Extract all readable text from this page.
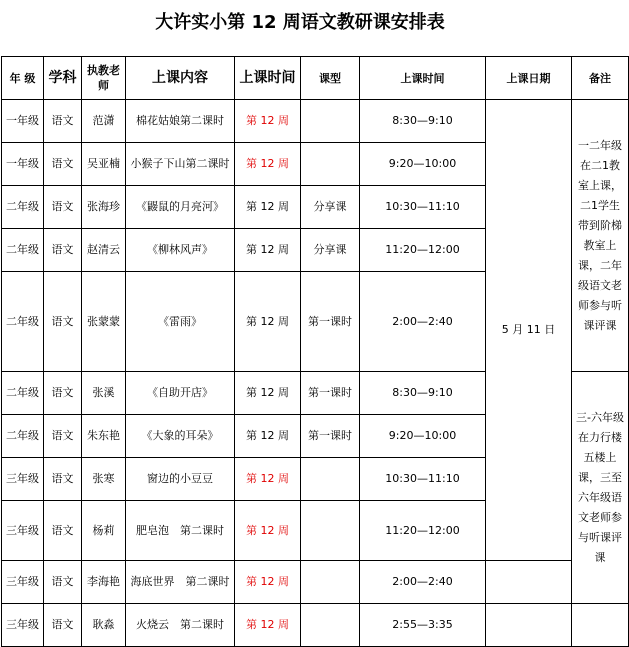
大许实小第 12 周语文教研课安排表
年 级	学科	执教老师	上课内容	上课时间	课型	上课时间	上课日期	备注
一年级	语文	范潇	棉花姑娘第二课时	第 12 周		8:30—9:10	5 月 11 日	一二年级在二1教室上课，二1学生带到阶梯教室上课，二年级语文老师参与听课评课
一年级	语文	吴亚楠	小猴子下山第二课时	第 12 周		9:20—10:00		
二年级	语文	张海珍	《鼹鼠的月亮河》	第 12 周	分享课	10:30—11:10		
二年级	语文	赵清云	《柳林风声》	第 12 周	分享课	11:20—12:00		
二年级	语文	张蒙蒙	《雷雨》	第 12 周	第一课时	2:00—2:40		
二年级	语文	张溪	《自助开店》	第 12 周	第一课时	8:30—9:10		三-六年级在力行楼五楼上课，三至六年级语文老师参与听课评课
二年级	语文	朱东艳	《大象的耳朵》	第 12 周	第一课时	9:20—10:00		
三年级	语文	张寒	窗边的小豆豆	第 12 周		10:30—11:10		
三年级	语文	杨莉	肥皂泡　第二课时	第 12 周		11:20—12:00		
三年级	语文	李海艳	海底世界　第二课时	第 12 周		2:00—2:40		
三年级	语文	耿淼	火烧云　第二课时	第 12 周		2:55—3:35		
